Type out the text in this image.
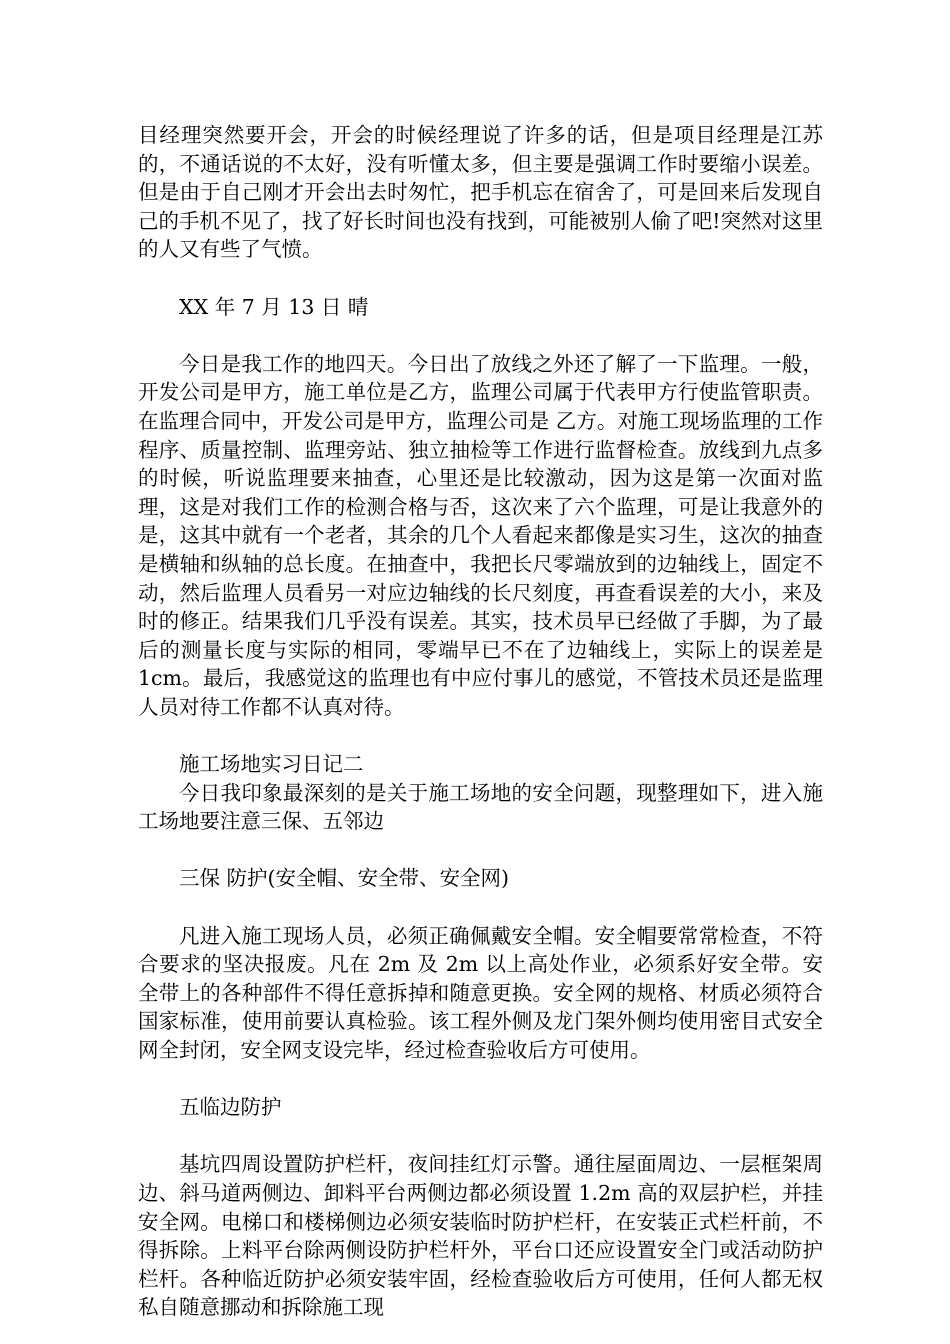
目经理突然要开会，开会的时候经理说了许多的话，但是项目经理是江苏的，不通话说的不太好，没有听懂太多，但主要是强调工作时要缩小误差。但是由于自己刚才开会出去时匆忙，把手机忘在宿舍了，可是回来后发现自己的手机不见了，找了好长时间也没有找到，可能被别人偷了吧!突然对这里的人又有些了气愤。

XX 年 7 月 13 日 晴

今日是我工作的地四天。今日出了放线之外还了解了一下监理。一般，开发公司是甲方，施工单位是乙方，监理公司属于代表甲方行使监管职责。在监理合同中，开发公司是甲方，监理公司是 乙方。对施工现场监理的工作程序、质量控制、监理旁站、独立抽检等工作进行监督检查。放线到九点多的时候，听说监理要来抽查，心里还是比较激动，因为这是第一次面对监理，这是对我们工作的检测合格与否，这次来了六个监理，可是让我意外的是，这其中就有一个老者，其余的几个人看起来都像是实习生，这次的抽查是横轴和纵轴的总长度。在抽查中，我把长尺零端放到的边轴线上，固定不动，然后监理人员看另一对应边轴线的长尺刻度，再查看误差的大小，来及时的修正。结果我们几乎没有误差。其实，技术员早已经做了手脚，为了最后的测量长度与实际的相同，零端早已不在了边轴线上，实际上的误差是 1cm。最后，我感觉这的监理也有中应付事儿的感觉，不管技术员还是监理人员对待工作都不认真对待。

施工场地实习日记二

今日我印象最深刻的是关于施工场地的安全问题，现整理如下，进入施工场地要注意三保、五邻边

三保 防护(安全帽、安全带、安全网)

凡进入施工现场人员，必须正确佩戴安全帽。安全帽要常常检查，不符合要求的坚决报废。凡在 2m 及 2m 以上高处作业，必须系好安全带。安全带上的各种部件不得任意拆掉和随意更换。安全网的规格、材质必须符合国家标准，使用前要认真检验。该工程外侧及龙门架外侧均使用密目式安全网全封闭，安全网支设完毕，经过检查验收后方可使用。

五临边防护

基坑四周设置防护栏杆，夜间挂红灯示警。通往屋面周边、一层框架周边、斜马道两侧边、卸料平台两侧边都必须设置 1.2m 高的双层护栏，并挂安全网。电梯口和楼梯侧边必须安装临时防护栏杆，在安装正式栏杆前，不得拆除。上料平台除两侧设防护栏杆外，平台口还应设置安全门或活动防护栏杆。各种临近防护必须安装牢固，经检查验收后方可使用，任何人都无权私自随意挪动和拆除施工现
